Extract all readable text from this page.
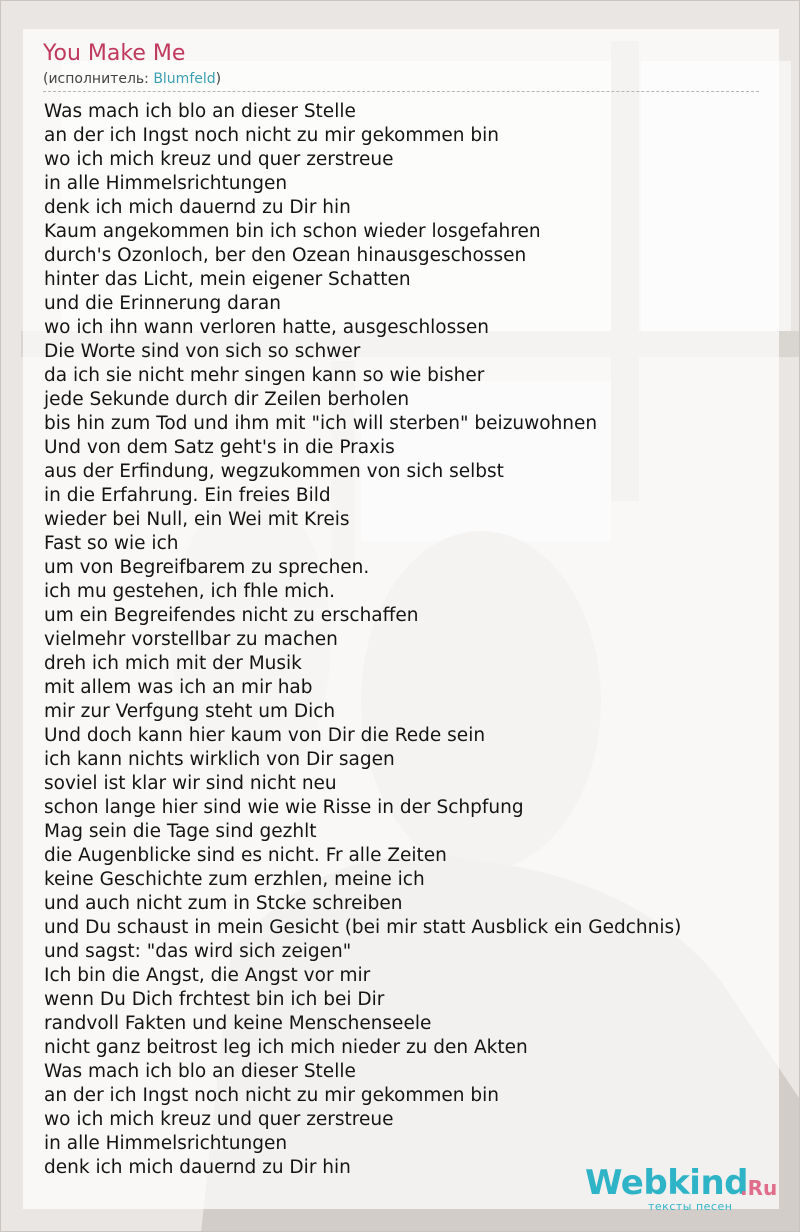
You Make Me
(исполнитель: Blumfeld)
Was mach ich blo an dieser Stelle
an der ich Ingst noch nicht zu mir gekommen bin
wo ich mich kreuz und quer zerstreue
in alle Himmelsrichtungen
denk ich mich dauernd zu Dir hin
Kaum angekommen bin ich schon wieder losgefahren
durch's Ozonloch, ber den Ozean hinausgeschossen
hinter das Licht, mein eigener Schatten
und die Erinnerung daran
wo ich ihn wann verloren hatte, ausgeschlossen
Die Worte sind von sich so schwer
da ich sie nicht mehr singen kann so wie bisher
jede Sekunde durch dir Zeilen berholen
bis hin zum Tod und ihm mit "ich will sterben" beizuwohnen
Und von dem Satz geht's in die Praxis
aus der Erfindung, wegzukommen von sich selbst
in die Erfahrung. Ein freies Bild
wieder bei Null, ein Wei mit Kreis
Fast so wie ich
um von Begreifbarem zu sprechen.
ich mu gestehen, ich fhle mich.
um ein Begreifendes nicht zu erschaffen
vielmehr vorstellbar zu machen
dreh ich mich mit der Musik
mit allem was ich an mir hab
mir zur Verfgung steht um Dich
Und doch kann hier kaum von Dir die Rede sein
ich kann nichts wirklich von Dir sagen
soviel ist klar wir sind nicht neu
schon lange hier sind wie wie Risse in der Schpfung
Mag sein die Tage sind gezhlt
die Augenblicke sind es nicht. Fr alle Zeiten
keine Geschichte zum erzhlen, meine ich
und auch nicht zum in Stcke schreiben
und Du schaust in mein Gesicht (bei mir statt Ausblick ein Gedchnis)
und sagst: "das wird sich zeigen"
Ich bin die Angst, die Angst vor mir
wenn Du Dich frchtest bin ich bei Dir
randvoll Fakten und keine Menschenseele
nicht ganz beitrost leg ich mich nieder zu den Akten
Was mach ich blo an dieser Stelle
an der ich Ingst noch nicht zu mir gekommen bin
wo ich mich kreuz und quer zerstreue
in alle Himmelsrichtungen
denk ich mich dauernd zu Dir hin	Webkind
.Ru
тексты песен
